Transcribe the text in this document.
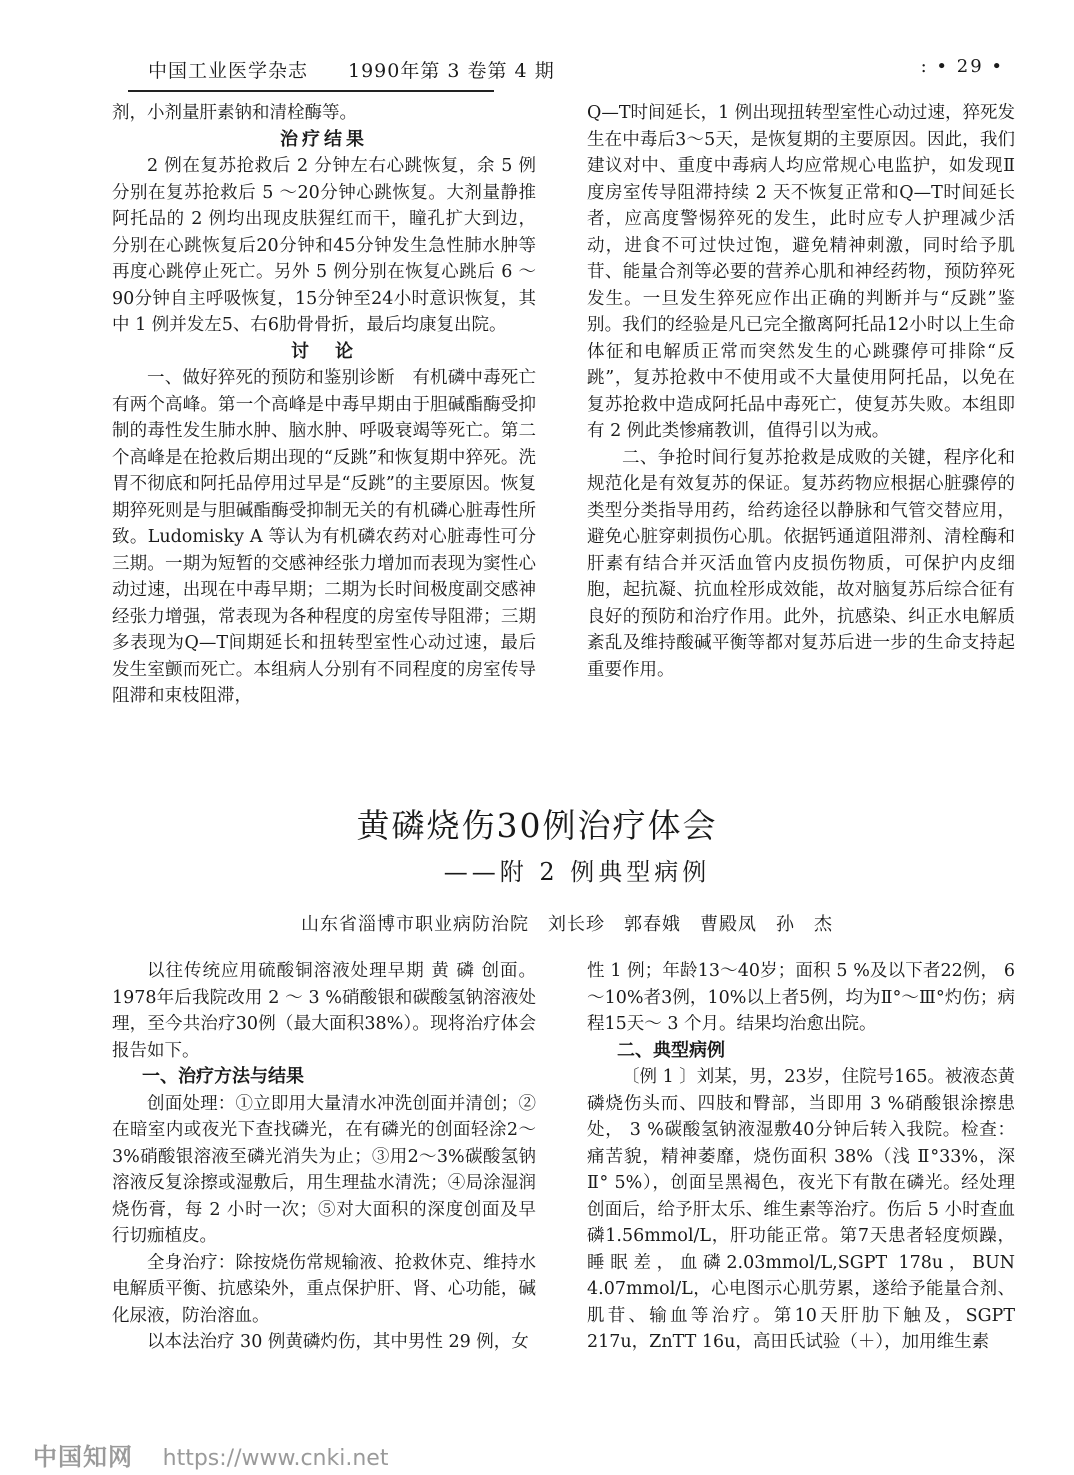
中国工业医学杂志　　1990年第 3 卷第 4 期	: • 29 •

剂，小剂量肝素钠和清栓酶等。

治疗结果

2 例在复苏抢救后 2 分钟左右心跳恢复，余 5 例分别在复苏抢救后 5 ～20分钟心跳恢复。大剂量静推阿托品的 2 例均出现皮肤猩红而干，瞳孔扩大到边，分别在心跳恢复后20分钟和45分钟发生急性肺水肿等再度心跳停止死亡。另外 5 例分别在恢复心跳后 6 ～90分钟自主呼吸恢复，15分钟至24小时意识恢复，其中 1 例并发左5、右6肋骨骨折，最后均康复出院。

讨　论

一、做好猝死的预防和鉴别诊断　有机磷中毒死亡有两个高峰。第一个高峰是中毒早期由于胆碱酯酶受抑制的毒性发生肺水肿、脑水肿、呼吸衰竭等死亡。第二个高峰是在抢救后期出现的“反跳”和恢复期中猝死。洗胃不彻底和阿托品停用过早是“反跳”的主要原因。恢复期猝死则是与胆碱酯酶受抑制无关的有机磷心脏毒性所致。Ludomisky A 等认为有机磷农药对心脏毒性可分三期。一期为短暂的交感神经张力增加而表现为窦性心动过速，出现在中毒早期；二期为长时间极度副交感神经张力增强，常表现为各种程度的房室传导阻滞；三期多表现为Q—T间期延长和扭转型室性心动过速，最后发生室颤而死亡。本组病人分别有不同程度的房室传导阻滞和束枝阻滞，

Q—T时间延长，1 例出现扭转型室性心动过速，猝死发生在中毒后3～5天，是恢复期的主要原因。因此，我们建议对中、重度中毒病人均应常规心电监护，如发现Ⅱ度房室传导阻滞持续 2 天不恢复正常和Q—T时间延长者，应高度警惕猝死的发生，此时应专人护理减少活动，进食不可过快过饱，避免精神刺激，同时给予肌苷、能量合剂等必要的营养心肌和神经药物，预防猝死发生。一旦发生猝死应作出正确的判断并与“反跳”鉴别。我们的经验是凡已完全撤离阿托品12小时以上生命体征和电解质正常而突然发生的心跳骤停可排除“反跳”，复苏抢救中不使用或不大量使用阿托品，以免在复苏抢救中造成阿托品中毒死亡，使复苏失败。本组即有 2 例此类惨痛教训，值得引以为戒。

二、争抢时间行复苏抢救是成败的关键，程序化和规范化是有效复苏的保证。复苏药物应根据心脏骤停的类型分类指导用药，给药途径以静脉和气管交替应用，避免心脏穿刺损伤心肌。依据钙通道阻滞剂、清栓酶和肝素有结合并灭活血管内皮损伤物质，可保护内皮细胞，起抗凝、抗血栓形成效能，故对脑复苏后综合征有良好的预防和治疗作用。此外，抗感染、纠正水电解质紊乱及维持酸碱平衡等都对复苏后进一步的生命支持起重要作用。

黄磷烧伤30例治疗体会
——附 2 例典型病例
山东省淄博市职业病防治院　刘长珍　郭春娥　曹殿凤　孙　杰

以往传统应用硫酸铜溶液处理早期 黄 磷 创面。1978年后我院改用 2 ～ 3 %硝酸银和碳酸氢钠溶液处理，至今共治疗30例（最大面积38%）。现将治疗体会报告如下。

一、治疗方法与结果

创面处理：①立即用大量清水冲洗创面并清创；②在暗室内或夜光下查找磷光，在有磷光的创面轻涂2～3%硝酸银溶液至磷光消失为止；③用2～3%碳酸氢钠溶液反复涂擦或湿敷后，用生理盐水清洗；④局涂湿润烧伤膏，每 2 小时一次；⑤对大面积的深度创面及早行切痂植皮。

全身治疗：除按烧伤常规输液、抢救休克、维持水电解质平衡、抗感染外，重点保护肝、肾、心功能，碱化尿液，防治溶血。

以本法治疗 30 例黄磷灼伤，其中男性 29 例，女

性 1 例；年龄13～40岁；面积 5 %及以下者22例， 6 ～10%者3例，10%以上者5例，均为Ⅱ°～Ⅲ°灼伤；病程15天～ 3 个月。结果均治愈出院。

二、典型病例

〔例 1 〕刘某，男，23岁，住院号165。被液态黄磷烧伤头而、四肢和臀部，当即用 3 %硝酸银涂擦患处， 3 %碳酸氢钠液湿敷40分钟后转入我院。检查：痛苦貌，精神萎靡，烧伤面积 38%（浅 Ⅱ°33%，深 Ⅱ° 5%），创面呈黑褐色，夜光下有散在磷光。经处理创面后，给予肝太乐、维生素等治疗。伤后 5 小时查血磷1.56mmol/L，肝功能正常。第7天患者轻度烦躁，睡眠差，血磷2.03mmol/L,SGPT 178u，BUN 4.07mmol/L，心电图示心肌劳累，遂给予能量合剂、肌苷、输血等治疗。第10天肝肋下触及，SGPT 217u，ZnTT 16u，高田氏试验（＋），加用维生素

中国知网 https://www.cnki.net
